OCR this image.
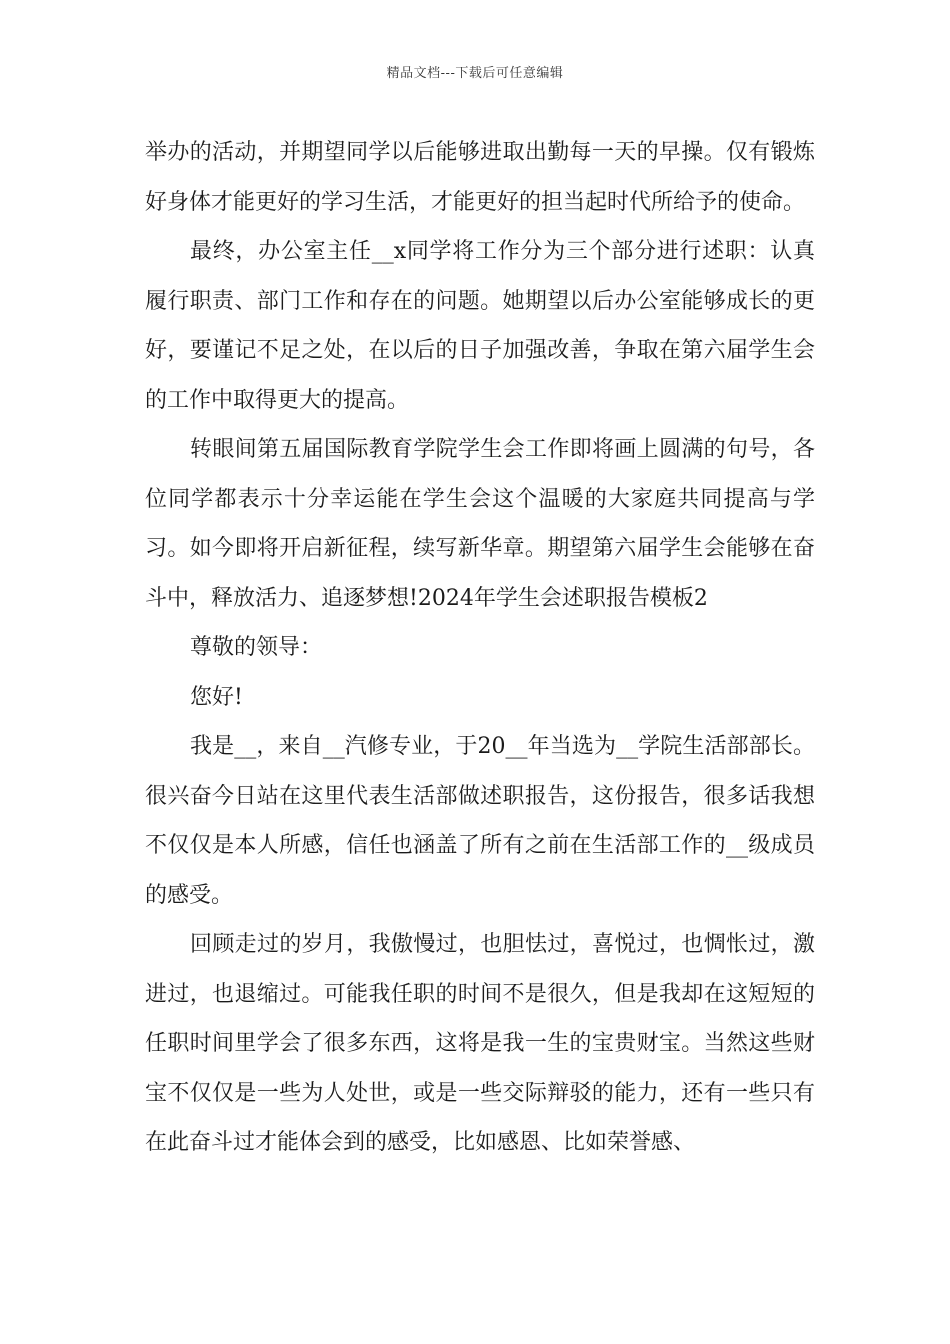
精品文档---下载后可任意编辑

举办的活动，并期望同学以后能够进取出勤每一天的早操。仅有锻炼好身体才能更好的学习生活，才能更好的担当起时代所给予的使命。

最终，办公室主任__x同学将工作分为三个部分进行述职：认真履行职责、部门工作和存在的问题。她期望以后办公室能够成长的更好，要谨记不足之处，在以后的日子加强改善，争取在第六届学生会的工作中取得更大的提高。

转眼间第五届国际教育学院学生会工作即将画上圆满的句号，各位同学都表示十分幸运能在学生会这个温暖的大家庭共同提高与学习。如今即将开启新征程，续写新华章。期望第六届学生会能够在奋斗中，释放活力、追逐梦想!2024年学生会述职报告模板2

尊敬的领导：

您好!

我是__，来自__汽修专业，于20__年当选为__学院生活部部长。很兴奋今日站在这里代表生活部做述职报告，这份报告，很多话我想不仅仅是本人所感，信任也涵盖了所有之前在生活部工作的__级成员的感受。

回顾走过的岁月，我傲慢过，也胆怯过，喜悦过，也惆怅过，激进过，也退缩过。可能我任职的时间不是很久，但是我却在这短短的任职时间里学会了很多东西，这将是我一生的宝贵财宝。当然这些财宝不仅仅是一些为人处世，或是一些交际辩驳的能力，还有一些只有在此奋斗过才能体会到的感受，比如感恩、比如荣誉感、
